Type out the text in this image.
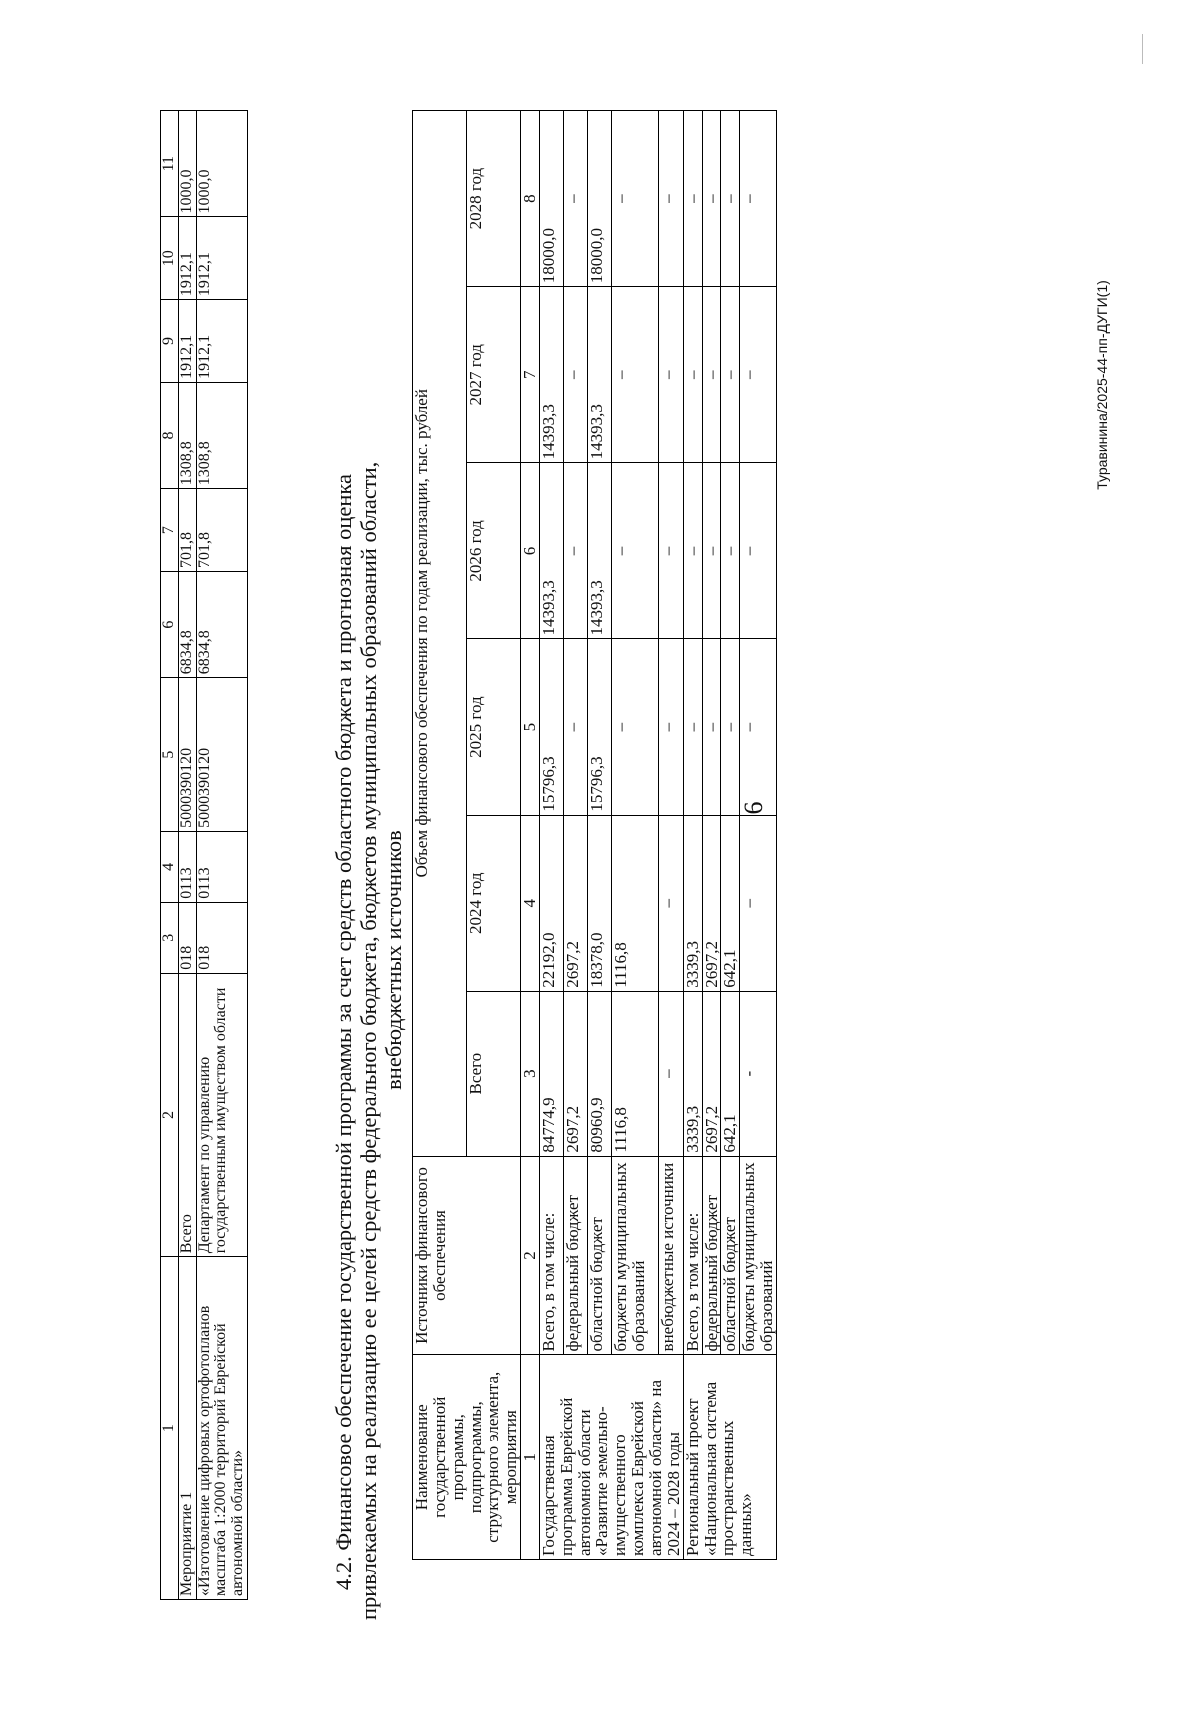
6
1	2	3	4	5	6	7	8	9	10	11
Мероприятие 1	Всего	018	0113	5000390120	6834,8	701,8	1308,8	1912,1	1912,1	1000,0
«Изготовление цифровых ортофотопланов масштаба 1:2000 территорий Еврейской автономной области»	Департамент по управлению государственным имуществом области	018	0113	5000390120	6834,8	701,8	1308,8	1912,1	1912,1	1000,0
4.2. Финансовое обеспечение государственной программы за счет средств областного бюджета и прогнозная оценка привлекаемых на реализацию ее целей средств федерального бюджета, бюджетов муниципальных образований области, внебюджетных источников
Наименование государственной программы, подпрограммы, структурного элемента, мероприятия	Источники финансового обеспечения	Объем финансового обеспечения по годам реализации, тыс. рублей					
		Всего	2024 год	2025 год	2026 год	2027 год	2028 год
1	2	3	4	5	6	7	8
Государственная программа Еврейской автономной области «Развитие земельно-имущественного комплекса Еврейской автономной области» на 2024 – 2028 годы	Всего, в том числе:	84774,9	22192,0	15796,3	14393,3	14393,3	18000,0
	федеральный бюджет	2697,2	2697,2	–	–	–	–
	областной бюджет	80960,9	18378,0	15796,3	14393,3	14393,3	18000,0
	бюджеты муниципальных образований	1116,8	1116,8	–	–	–	–
	внебюджетные источники	–	–	–	–	–	–
Региональный проект «Национальная система пространственных данных»	Всего, в том числе:	3339,3	3339,3	–	–	–	–
	федеральный бюджет	2697,2	2697,2	–	–	–	–
	областной бюджет	642,1	642,1	–	–	–	–
	бюджеты муниципальных образований	-	–	–	–	–	–
Туравинина/2025-44-пп-ДУГИ(1)
